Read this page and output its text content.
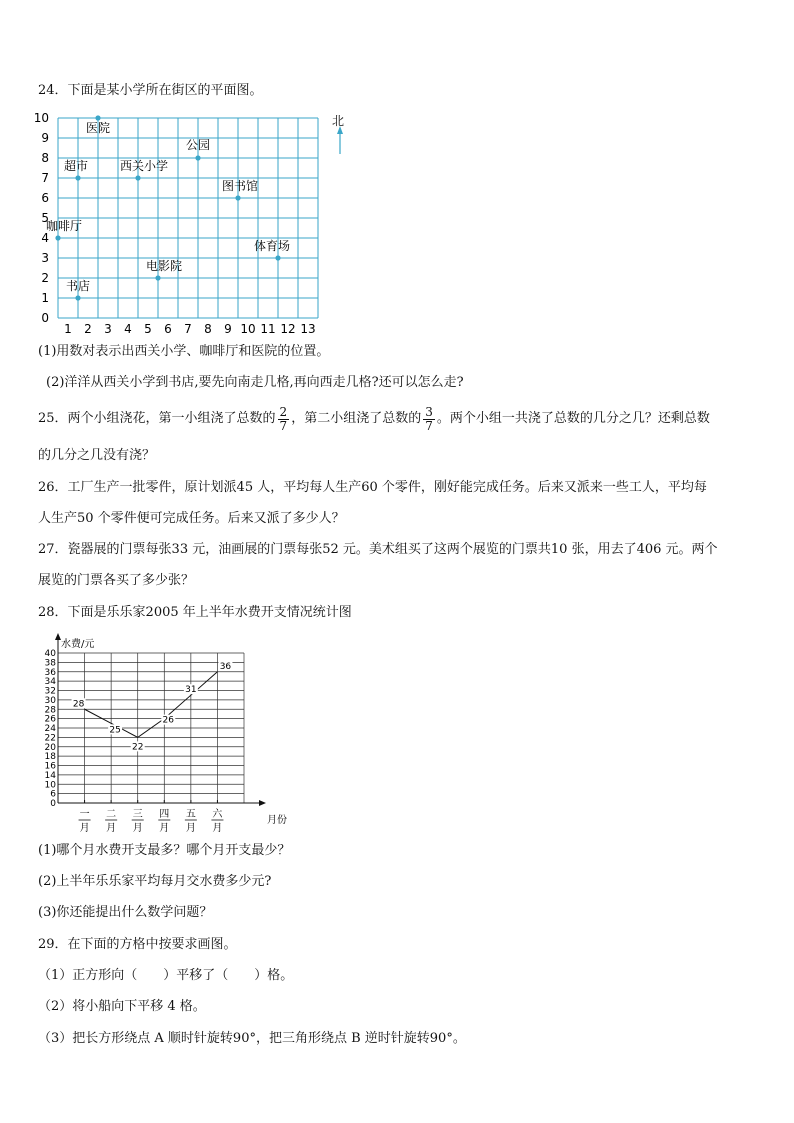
24．下面是某小学所在街区的平面图。
0
1
2
3
4
5
6
7
8
9
10
1 2 3 4 5 6 7 8 9 10 11 12 13
医院
超市	西关小学
公园
图书馆
咖啡厅
体育场
电影院
书店
北
(1)用数对表示出西关小学、咖啡厅和医院的位置。
(2)洋洋从西关小学到书店,要先向南走几格,再向西走几格?还可以怎么走?
25．两个小组浇花，第一小组浇了总数的 $\frac{2}{7}$ ，第二小组浇了总数的 $\frac{3}{7}$ 。两个小组一共浇了总数的几分之几？还剩总数
的几分之几没有浇？
26．工厂生产一批零件，原计划派45 人，平均每人生产60 个零件，刚好能完成任务。后来又派来一些工人，平均每
人生产50 个零件便可完成任务。后来又派了多少人？
27．瓷器展的门票每张33 元，油画展的门票每张52 元。美术组买了这两个展览的门票共10 张，用去了406 元。两个
展览的门票各买了多少张？
28．下面是乐乐家2005 年上半年水费开支情况统计图
水费/元
月份
0
6
10
14
16
18
20
22
24
26
28
30
32
34
36
38
40
一
月
二
月
三
月
四
月
五
月
六
月
28
25
22
26
31
36
(1)哪个月水费开支最多？哪个月开支最少？
(2)上半年乐乐家平均每月交水费多少元?
(3)你还能提出什么数学问题？
29．在下面的方格中按要求画图。
（1）正方形向（　　）平移了（　　）格。
（2）将小船向下平移 4 格。
（3）把长方形绕点 A 顺时针旋转90°，把三角形绕点 B 逆时针旋转90°。
